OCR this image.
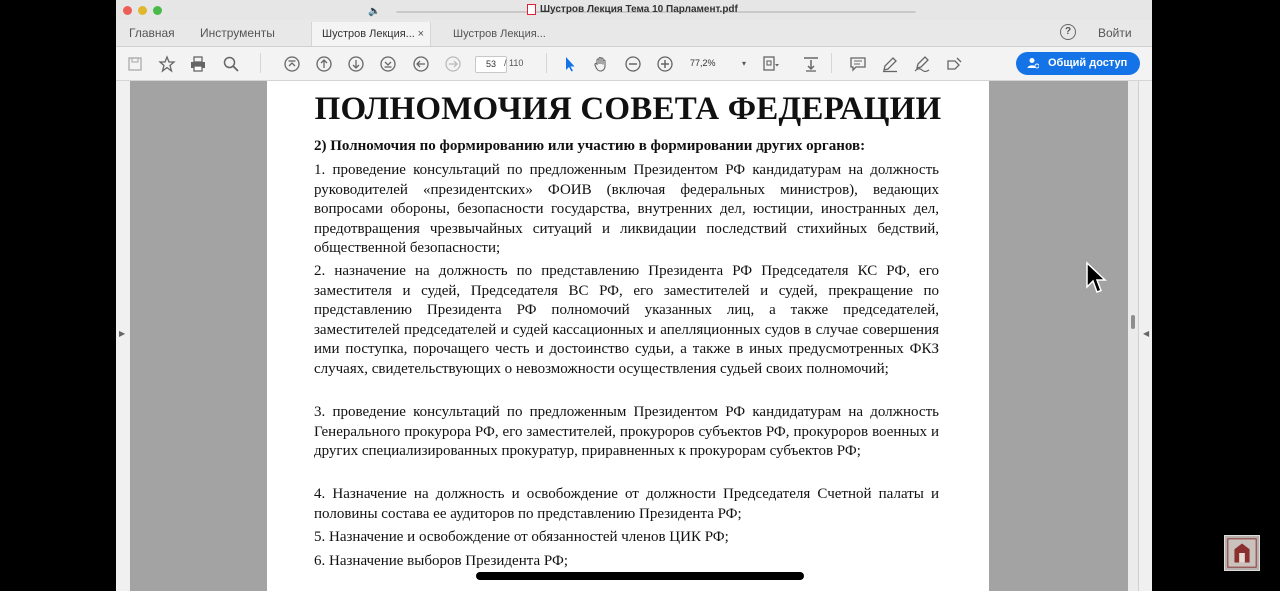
🔈	Шустров Лекция Тема 10 Парламент.pdf
Главная Инструменты	Шустров Лекция... ×	Шустров Лекция...	?	Войти
53 / 110	77,2%	▾	Общий доступ
▶
ПОЛНОМОЧИЯ СОВЕТА ФЕДЕРАЦИИ
2) Полномочия по формированию или участию в формировании других органов:
1. проведение консультаций по предложенным Президентом РФ кандидатурам на должность руководителей «президентских» ФОИВ (включая федеральных министров), ведающих вопросами обороны, безопасности государства, внутренних дел, юстиции, иностранных дел, предотвращения чрезвычайных ситуаций и ликвидации последствий стихийных бедствий, общественной безопасности;
2. назначение на должность по представлению Президента РФ Председателя КС РФ, его заместителя и судей, Председателя ВС РФ, его заместителей и судей, прекращение по представлению Президента РФ полномочий указанных лиц, а также председателей, заместителей председателей и судей кассационных и апелляционных судов в случае совершения ими поступка, порочащего честь и достоинство судьи, а также в иных предусмотренных ФКЗ случаях, свидетельствующих о невозможности осуществления судьей своих полномочий;
3. проведение консультаций по предложенным Президентом РФ кандидатурам на должность Генерального прокурора РФ, его заместителей, прокуроров субъектов РФ, прокуроров военных и других специализированных прокуратур, приравненных к прокурорам субъектов РФ;
4. Назначение на должность и освобождение от должности Председателя Счетной палаты и половины состава ее аудиторов по представлению Президента РФ;
5. Назначение и освобождение от обязанностей членов ЦИК РФ;
6. Назначение выборов Президента РФ;
◀
